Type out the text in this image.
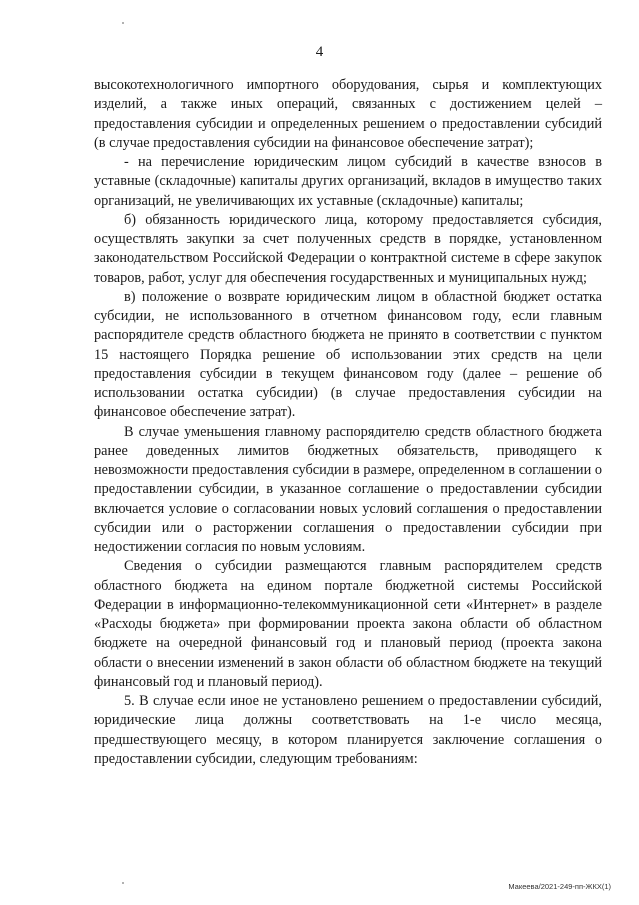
4

высокотехнологичного импортного оборудования, сырья и комплектующих изделий, а также иных операций, связанных с достижением целей – предоставления субсидии и определенных решением о предоставлении субсидий (в случае предоставления субсидии на финансовое обеспечение затрат);

- на перечисление юридическим лицом субсидий в качестве взносов в уставные (складочные) капиталы других организаций, вкладов в имущество таких организаций, не увеличивающих их уставные (складочные) капиталы;

б) обязанность юридического лица, которому предоставляется субсидия, осуществлять закупки за счет полученных средств в порядке, установленном законодательством Российской Федерации о контрактной системе в сфере закупок товаров, работ, услуг для обеспечения государственных и муниципальных нужд;

в) положение о возврате юридическим лицом в областной бюджет остатка субсидии, не использованного в отчетном финансовом году, если главным распорядителе средств областного бюджета не принято в соответствии с пунктом 15 настоящего Порядка решение об использовании этих средств на цели предоставления субсидии в текущем финансовом году (далее – решение об использовании остатка субсидии) (в случае предоставления субсидии на финансовое обеспечение затрат).

В случае уменьшения главному распорядителю средств областного бюджета ранее доведенных лимитов бюджетных обязательств, приводящего к невозможности предоставления субсидии в размере, определенном в соглашении о предоставлении субсидии, в указанное соглашение о предоставлении субсидии включается условие о согласовании новых условий соглашения о предоставлении субсидии или о расторжении соглашения о предоставлении субсидии при недостижении согласия по новым условиям.

Сведения о субсидии размещаются главным распорядителем средств областного бюджета на едином портале бюджетной системы Российской Федерации в информационно-телекоммуникационной сети «Интернет» в разделе «Расходы бюджета» при формировании проекта закона области об областном бюджете на очередной финансовый год и плановый период (проекта закона области о внесении изменений в закон области об областном бюджете на текущий финансовый год и плановый период).

5. В случае если иное не установлено решением о предоставлении субсидий, юридические лица должны соответствовать на 1-е число месяца, предшествующего месяцу, в котором планируется заключение соглашения о предоставлении субсидии, следующим требованиям:

Макеева/2021-249-пп-ЖКХ(1)
